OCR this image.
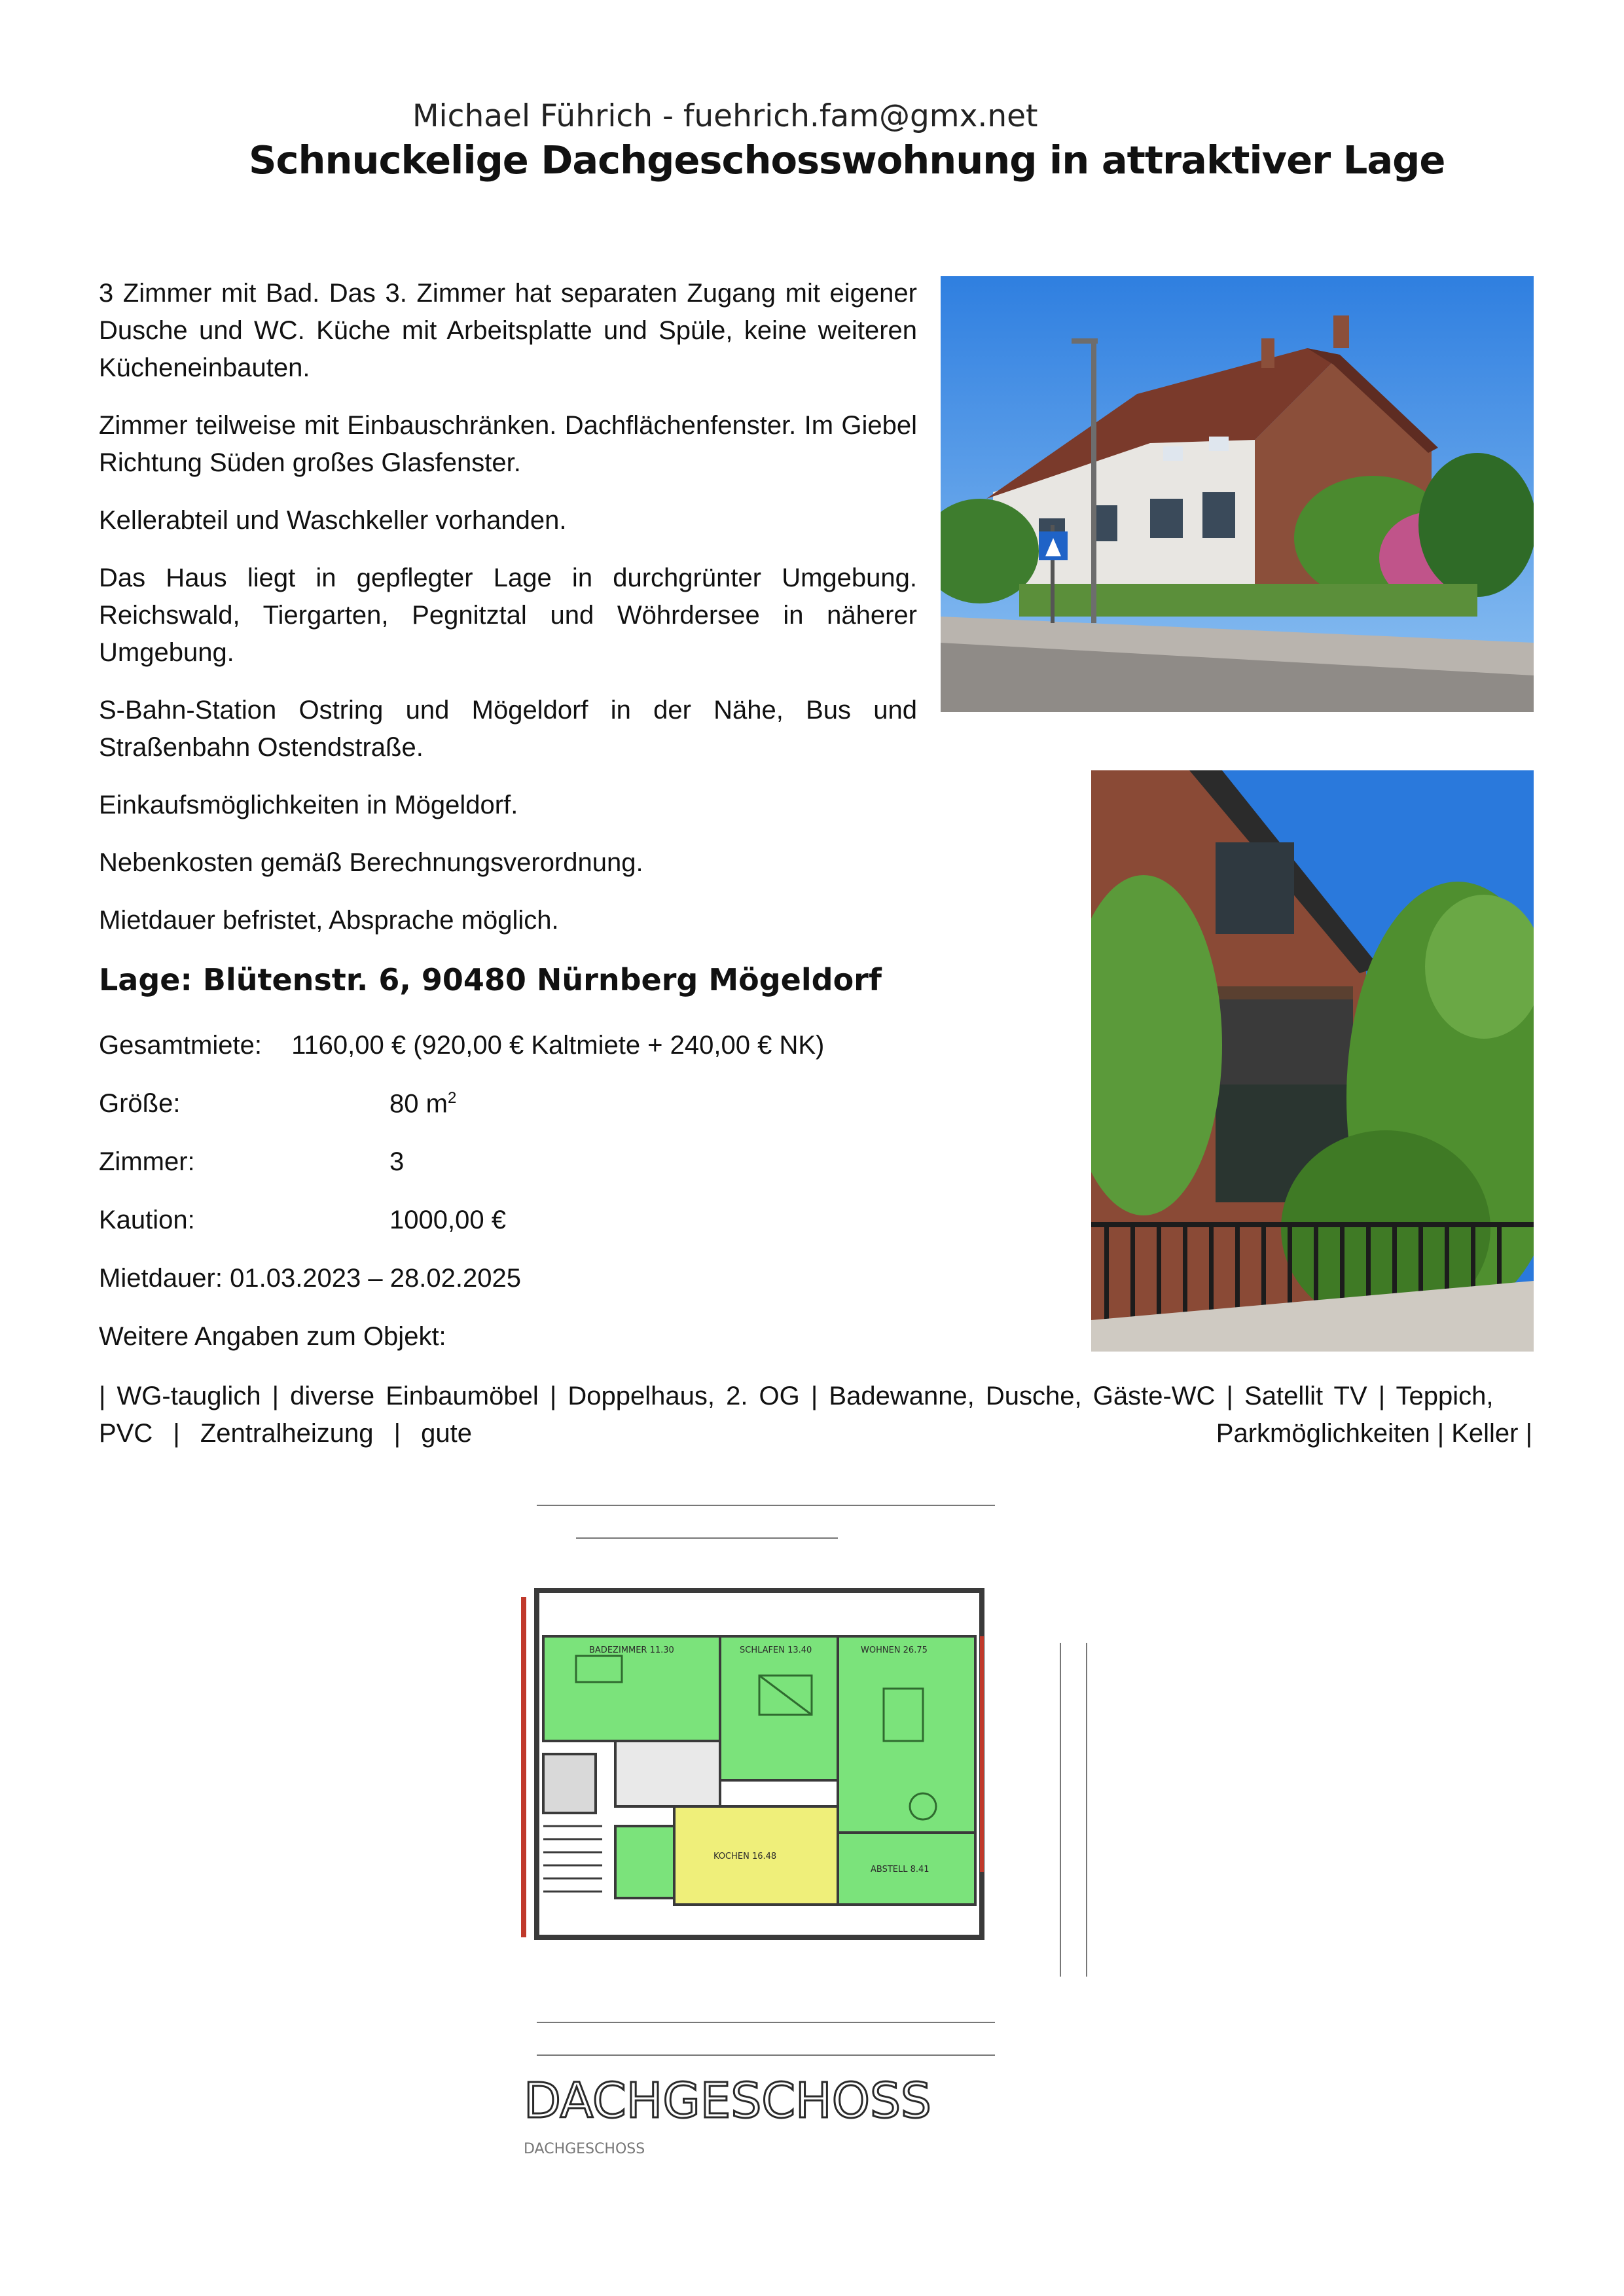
Michael Führich - fuehrich.fam@gmx.net
Schnuckelige Dachgeschosswohnung in attraktiver Lage

3 Zimmer mit Bad. Das 3. Zimmer hat separaten Zugang mit eigener Dusche und WC. Küche mit Arbeitsplatte und Spüle, keine weiteren Kücheneinbauten.

Zimmer teilweise mit Einbauschränken. Dachflächenfenster. Im Giebel Richtung Süden großes Glasfenster.

Kellerabteil und Waschkeller vorhanden.

Das Haus liegt in gepflegter Lage in durchgrünter Umgebung. Reichswald, Tiergarten, Pegnitztal und Wöhrdersee in näherer Umgebung.

S-Bahn-Station Ostring und Mögeldorf in der Nähe, Bus und Straßenbahn Ostendstraße.

Einkaufsmöglichkeiten in Mögeldorf.

Nebenkosten gemäß Berechnungsverordnung.

Mietdauer befristet, Absprache möglich.

Lage: Blütenstr. 6, 90480 Nürnberg Mögeldorf
Gesamtmiete: 1160,00 € (920,00 € Kaltmiete + 240,00 € NK)
Größe:	80 $m^2$
Zimmer:	3
Kaution:	1000,00 €
Mietdauer: 01.03.2023 – 28.02.2025
Weitere Angaben zum Objekt:
| WG-tauglich | diverse Einbaumöbel | Doppelhaus, 2. OG | Badewanne, Dusche, Gäste-WC | Satellit TV | Teppich,
PVC | Zentralheizung | gute	Parkmöglichkeiten | Keller |
BADEZIMMER 11.30	SCHLAFEN 13.40	WOHNEN 26.75
KOCHEN 16.48
ABSTELL 8.41
DACHGESCHOSS
DACHGESCHOSS
